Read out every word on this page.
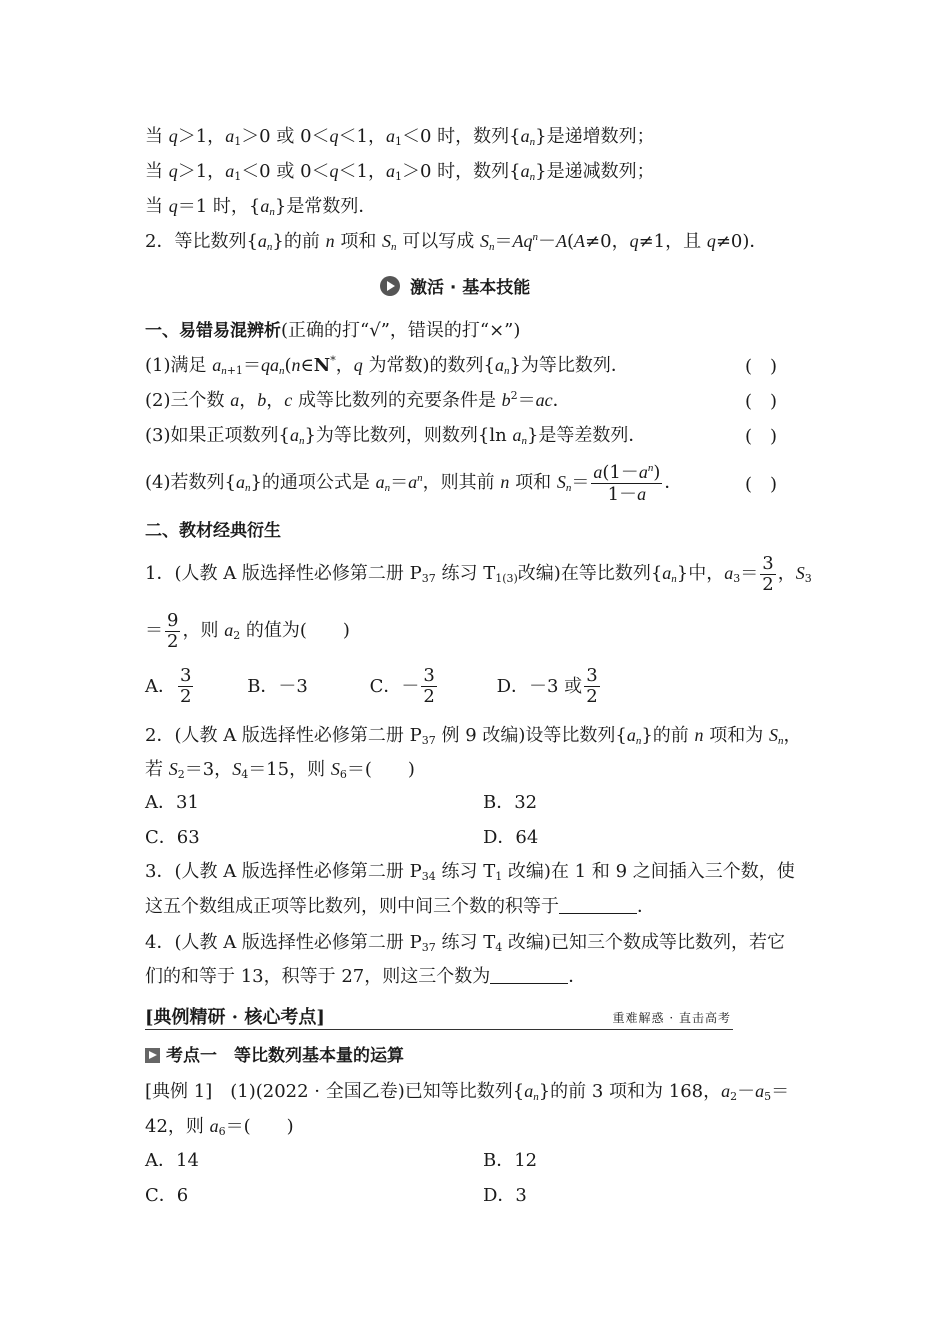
当 q＞1，$a_1>0$ 或 0＜q＜1，$a_1<0$ 时，数列$\{a_n\}$是递增数列；
当 q＞1，$a_1<0$ 或 0＜q＜1，$a_1>0$ 时，数列$\{a_n\}$是递减数列；
当 q＝1 时，$\{a_n\}$是常数列．
2．等比数列$\{a_n\}$的前 n 项和 $S_n$ 可以写成 $S_n=Aq^n-A(A\ne 0$，q≠1，且 q≠0)．
激活 · 基本技能
一、易错易混辨析(正确的打“√”，错误的打“×”)
(1)满足 $a_{n+1}=qa_n(n\in N^*$，q 为常数)的数列$\{a_n\}$为等比数列．	(　)
(2)三个数 a，b，c 成等比数列的充要条件是 $b^2=ac$．	(　)
(3)如果正项数列$\{a_n\}$为等比数列，则数列{ln $a_n$}是等差数列．	(　)
(4)若数列$\{a_n\}$的通项公式是 $a_n=a^n$，则其前 n 项和 $S_n= \frac{a(1-a^n)}{1-a}$ ．	(　)
二、教材经典衍生
1．(人教 A 版选择性必修第二册 $P_{37}$ 练习 $T_{1(3)}$改编)在等比数列$\{a_n\}$中，$a_3= \frac{3}{2}$ ，$S_3$
＝ $\frac{9}{2}$ ，则 $a_2$ 的值为(　　)
A． $\frac{3}{2}$	B．－3	C．－ $\frac{3}{2}$	D．－3 或 $\frac{3}{2}$
2．(人教 A 版选择性必修第二册 $P_{37}$ 例 9 改编)设等比数列$\{a_n\}$的前 n 项和为 $S_n$，
若 $S_2=3$，$S_4=15$，则 $S_6=$(　　)
A．31	B．32
C．63	D．64
3．(人教 A 版选择性必修第二册 $P_{34}$ 练习 $T_1$ 改编)在 1 和 9 之间插入三个数，使
这五个数组成正项等比数列，则中间三个数的积等于	．
4．(人教 A 版选择性必修第二册 $P_{37}$ 练习 $T_4$ 改编)已知三个数成等比数列，若它
们的和等于 13，积等于 27，则这三个数为	．
[典例精研 · 核心考点]	重难解惑 · 直击高考
考点一　等比数列基本量的运算
[典例 1]　(1)(2022 · 全国乙卷)已知等比数列$\{a_n\}$的前 3 项和为 168，$a_2-a_5=$
42，则 $a_6=$(　　)
A．14	B．12
C．6	D．3
